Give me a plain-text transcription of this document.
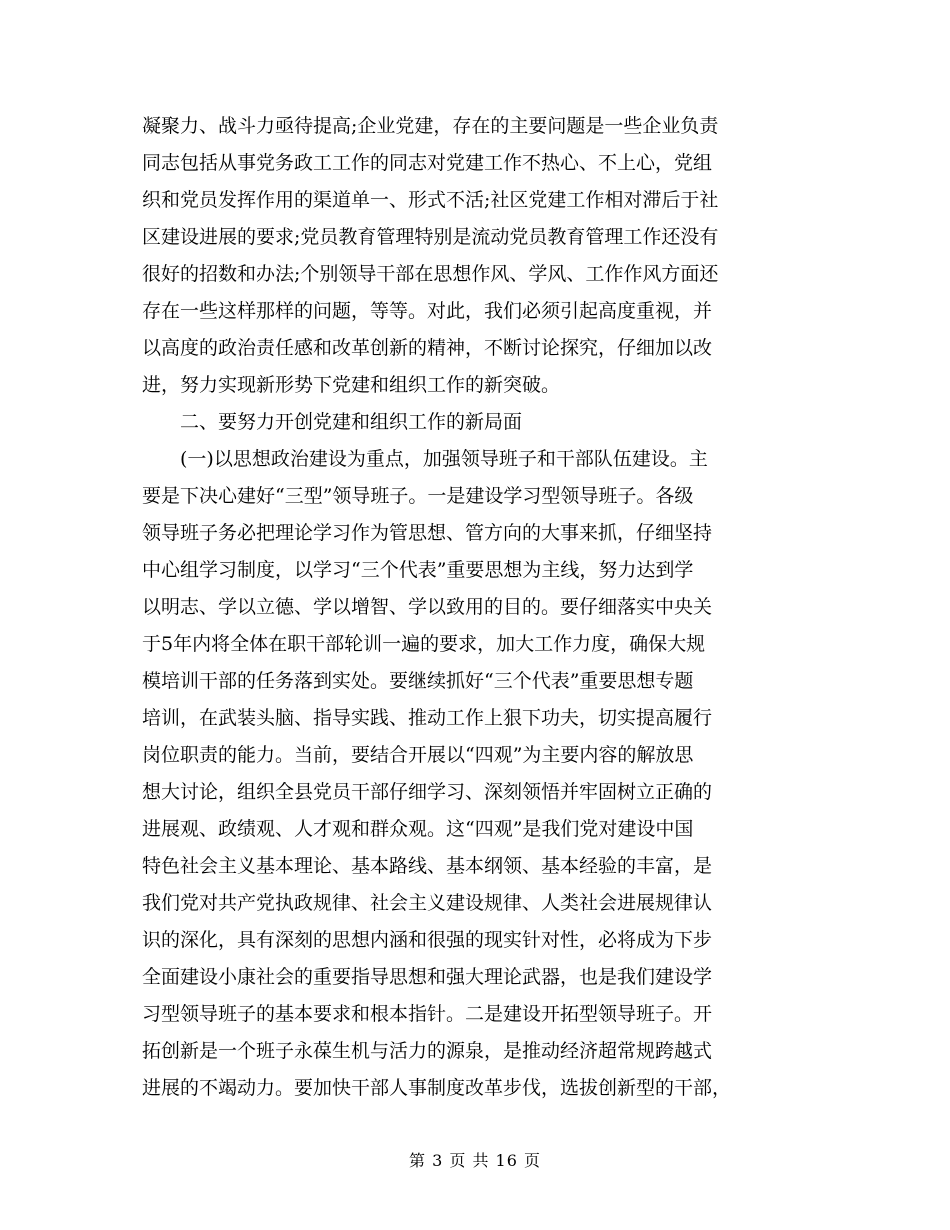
凝聚力、战斗力亟待提高;企业党建，存在的主要问题是一些企业负责
同志包括从事党务政工工作的同志对党建工作不热心、不上心，党组
织和党员发挥作用的渠道单一、形式不活;社区党建工作相对滞后于社
区建设进展的要求;党员教育管理特别是流动党员教育管理工作还没有
很好的招数和办法;个别领导干部在思想作风、学风、工作作风方面还
存在一些这样那样的问题，等等。对此，我们必须引起高度重视，并
以高度的政治责任感和改革创新的精神，不断讨论探究，仔细加以改
进，努力实现新形势下党建和组织工作的新突破。
二、要努力开创党建和组织工作的新局面
(一)以思想政治建设为重点，加强领导班子和干部队伍建设。主
要是下决心建好“三型”领导班子。一是建设学习型领导班子。各级
领导班子务必把理论学习作为管思想、管方向的大事来抓，仔细坚持
中心组学习制度，以学习“三个代表”重要思想为主线，努力达到学
以明志、学以立德、学以增智、学以致用的目的。要仔细落实中央关
于5年内将全体在职干部轮训一遍的要求，加大工作力度，确保大规
模培训干部的任务落到实处。要继续抓好“三个代表”重要思想专题
培训，在武装头脑、指导实践、推动工作上狠下功夫，切实提高履行
岗位职责的能力。当前，要结合开展以“四观”为主要内容的解放思
想大讨论，组织全县党员干部仔细学习、深刻领悟并牢固树立正确的
进展观、政绩观、人才观和群众观。这“四观”是我们党对建设中国
特色社会主义基本理论、基本路线、基本纲领、基本经验的丰富，是
我们党对共产党执政规律、社会主义建设规律、人类社会进展规律认
识的深化，具有深刻的思想内涵和很强的现实针对性，必将成为下步
全面建设小康社会的重要指导思想和强大理论武器，也是我们建设学
习型领导班子的基本要求和根本指针。二是建设开拓型领导班子。开
拓创新是一个班子永葆生机与活力的源泉，是推动经济超常规跨越式
进展的不竭动力。要加快干部人事制度改革步伐，选拔创新型的干部，
第 3 页 共 16 页
